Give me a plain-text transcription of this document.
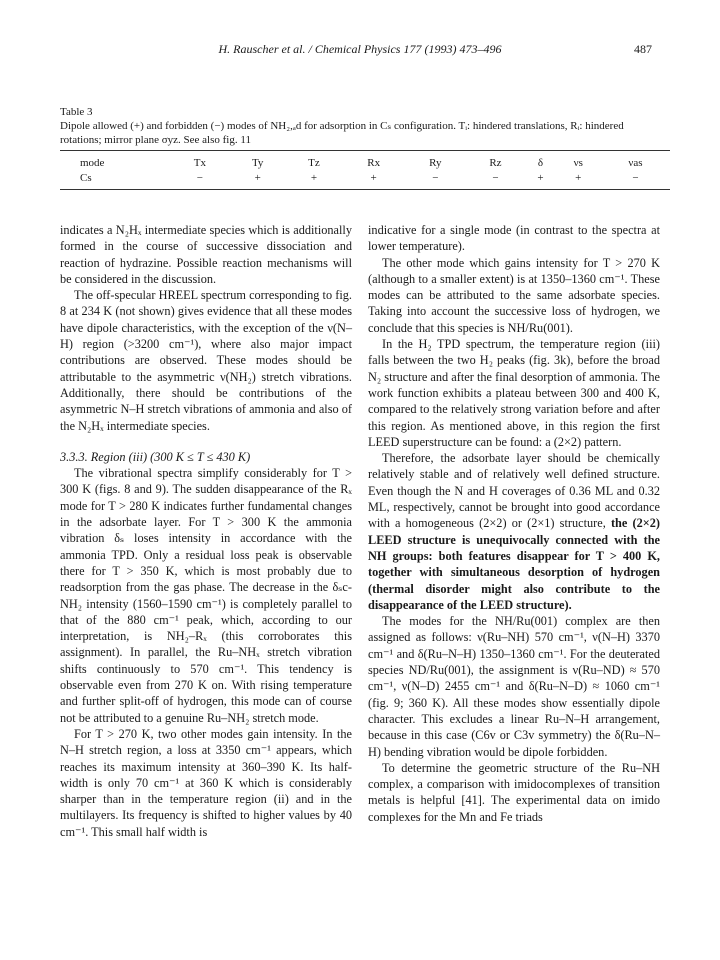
H. Rauscher et al. / Chemical Physics 177 (1993) 473–496	487
Table 3
Dipole allowed (+) and forbidden (−) modes of NH₂,ₐd for adsorption in Cₛ configuration. Tᵢ: hindered translations, Rᵢ: hindered rotations; mirror plane σyz. See also fig. 11
mode	Tx	Ty	Tz	Rx	Ry	Rz	δ	νs	νas
Cs	−	+	+	+	−	−	+	+	−

indicates a N₂Hₓ intermediate species which is additionally formed in the course of successive dissociation and reaction of hydrazine. Possible reaction mechanisms will be considered in the discussion.

The off-specular HREEL spectrum corresponding to fig. 8 at 234 K (not shown) gives evidence that all these modes have dipole characteristics, with the exception of the ν(N–H) region (>3200 cm⁻¹), where also major impact contributions are observed. These modes should be attributable to the asymmetric ν(NH₂) stretch vibrations. Additionally, there should be contributions of the asymmetric N–H stretch vibrations of ammonia and also of the N₂Hₓ intermediate species.

3.3.3. Region (iii) (300 K ≤ T ≤ 430 K)

The vibrational spectra simplify considerably for T > 300 K (figs. 8 and 9). The sudden disappearance of the Rₓ mode for T > 280 K indicates further fundamental changes in the adsorbate layer. For T > 300 K the ammonia vibration δₛ loses intensity in accordance with the ammonia TPD. Only a residual loss peak is observable there for T > 350 K, which is most probably due to readsorption from the gas phase. The decrease in the δₛc-NH₂ intensity (1560–1590 cm⁻¹) is completely parallel to that of the 880 cm⁻¹ peak, which, according to our interpretation, is NH₂–Rₓ (this corroborates this assignment). In parallel, the Ru–NHₓ stretch vibration shifts continuously to 570 cm⁻¹. This tendency is observable even from 270 K on. With rising temperature and further split-off of hydrogen, this mode can of course not be attributed to a genuine Ru–NH₂ stretch mode.

For T > 270 K, two other modes gain intensity. In the N–H stretch region, a loss at 3350 cm⁻¹ appears, which reaches its maximum intensity at 360–390 K. Its half-width is only 70 cm⁻¹ at 360 K which is considerably sharper than in the temperature region (ii) and in the multilayers. Its frequency is shifted to higher values by 40 cm⁻¹. This small half width is

indicative for a single mode (in contrast to the spectra at lower temperature).

The other mode which gains intensity for T > 270 K (although to a smaller extent) is at 1350–1360 cm⁻¹. These modes can be attributed to the same adsorbate species. Taking into account the successive loss of hydrogen, we conclude that this species is NH/Ru(001).

In the H₂ TPD spectrum, the temperature region (iii) falls between the two H₂ peaks (fig. 3k), before the broad N₂ structure and after the final desorption of ammonia. The work function exhibits a plateau between 300 and 400 K, compared to the relatively strong variation before and after this region. As mentioned above, in this region the first LEED superstructure can be found: a (2×2) pattern.

Therefore, the adsorbate layer should be chemically relatively stable and of relatively well defined structure. Even though the N and H coverages of 0.36 ML and 0.32 ML, respectively, cannot be brought into good accordance with a homogeneous (2×2) or (2×1) structure, the (2×2) LEED structure is unequivocally connected with the NH groups: both features disappear for T > 400 K, together with simultaneous desorption of hydrogen (thermal disorder might also contribute to the disappearance of the LEED structure).

The modes for the NH/Ru(001) complex are then assigned as follows: ν(Ru–NH) 570 cm⁻¹, ν(N–H) 3370 cm⁻¹ and δ(Ru–N–H) 1350–1360 cm⁻¹. For the deuterated species ND/Ru(001), the assignment is ν(Ru–ND) ≈ 570 cm⁻¹, ν(N–D) 2455 cm⁻¹ and δ(Ru–N–D) ≈ 1060 cm⁻¹ (fig. 9; 360 K). All these modes show essentially dipole character. This excludes a linear Ru–N–H arrangement, because in this case (C6v or C3v symmetry) the δ(Ru–N–H) bending vibration would be dipole forbidden.

To determine the geometric structure of the Ru–NH complex, a comparison with imidocomplexes of transition metals is helpful [41]. The experimental data on imido complexes for the Mn and Fe triads
